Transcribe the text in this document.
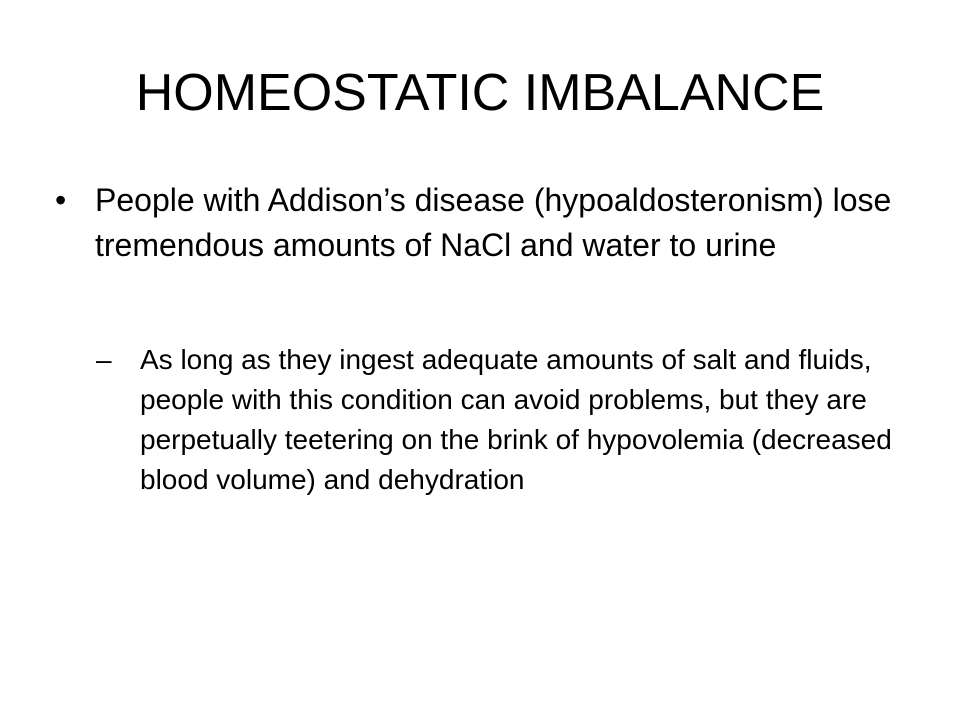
HOMEOSTATIC IMBALANCE
• People with Addison’s disease (hypoaldosteronism) lose tremendous amounts of NaCl and water to urine
–	As long as they ingest adequate amounts of salt and fluids, people with this condition can avoid problems, but they are perpetually teetering on the brink of hypovolemia (decreased blood volume) and dehydration
